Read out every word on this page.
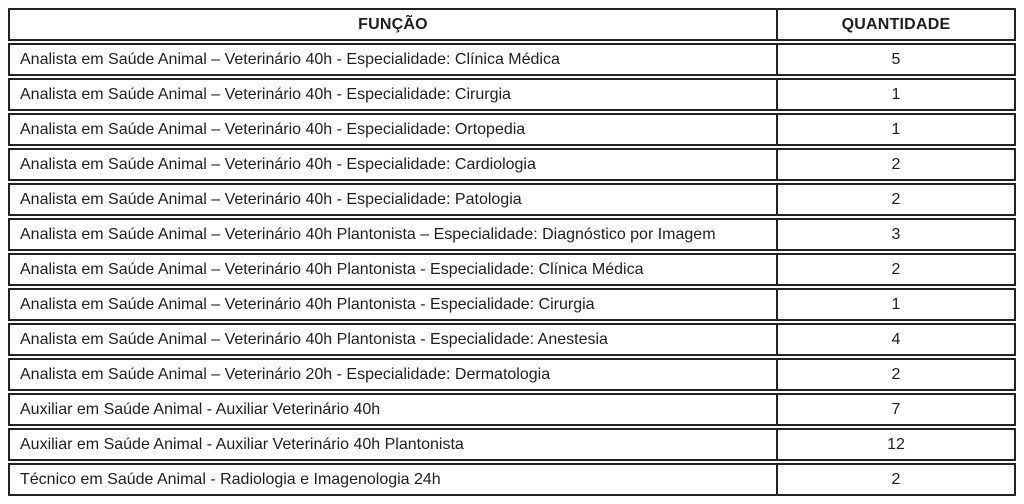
FUNÇÃO	QUANTIDADE
Analista em Saúde Animal – Veterinário 40h - Especialidade: Clínica Médica	5
Analista em Saúde Animal – Veterinário 40h - Especialidade: Cirurgia	1
Analista em Saúde Animal – Veterinário 40h - Especialidade: Ortopedia	1
Analista em Saúde Animal – Veterinário 40h - Especialidade: Cardiologia	2
Analista em Saúde Animal – Veterinário 40h - Especialidade: Patologia	2
Analista em Saúde Animal – Veterinário 40h Plantonista – Especialidade: Diagnóstico por Imagem	3
Analista em Saúde Animal – Veterinário 40h Plantonista - Especialidade: Clínica Médica	2
Analista em Saúde Animal – Veterinário 40h Plantonista - Especialidade: Cirurgia	1
Analista em Saúde Animal – Veterinário 40h Plantonista - Especialidade: Anestesia	4
Analista em Saúde Animal – Veterinário 20h - Especialidade: Dermatologia	2
Auxiliar em Saúde Animal - Auxiliar Veterinário 40h	7
Auxiliar em Saúde Animal - Auxiliar Veterinário 40h Plantonista	12
Técnico em Saúde Animal - Radiologia e Imagenologia 24h	2
